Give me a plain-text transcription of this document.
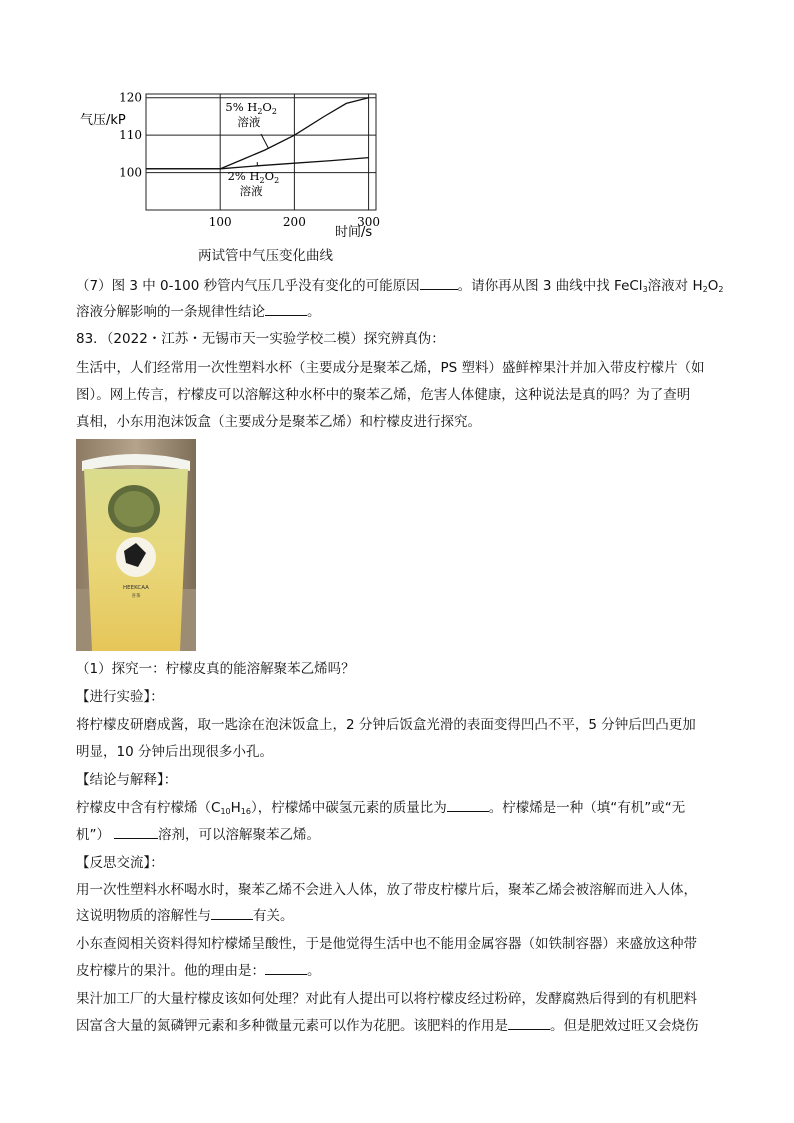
气压/kP
时间/s
100
110
120
100	200	300
5% $H_2O_2$
溶液
2% $H_2O_2$
溶液
两试管中气压变化曲线
（7）图 3 中 0-100 秒管内气压几乎没有变化的可能原因	。请你再从图 3 曲线中找 FeCl$_3$溶液对 $H_2O_2$
溶液分解影响的一条规律性结论	。
83．（2022・江苏・无锡市天一实验学校二模）探究辨真伪：
生活中，人们经常用一次性塑料水杯（主要成分是聚苯乙烯，PS 塑料）盛鲜榨果汁并加入带皮柠檬片（如
图）。网上传言，柠檬皮可以溶解这种水杯中的聚苯乙烯，危害人体健康，这种说法是真的吗？为了查明
真相，小东用泡沫饭盒（主要成分是聚苯乙烯）和柠檬皮进行探究。
HEEKCAA
喜茶
（1）探究一：柠檬皮真的能溶解聚苯乙烯吗？
【进行实验】：
将柠檬皮研磨成酱，取一匙涂在泡沫饭盒上，2 分钟后饭盒光滑的表面变得凹凸不平，5 分钟后凹凸更加
明显，10 分钟后出现很多小孔。
【结论与解释】：
柠檬皮中含有柠檬烯$(C_{10}H_{16})$，柠檬烯中碳氢元素的质量比为	。柠檬烯是一种（填“有机”或“无
机”）	溶剂，可以溶解聚苯乙烯。
【反思交流】：
用一次性塑料水杯喝水时，聚苯乙烯不会进入人体，放了带皮柠檬片后，聚苯乙烯会被溶解而进入人体，
这说明物质的溶解性与	有关。
小东查阅相关资料得知柠檬烯呈酸性，于是他觉得生活中也不能用金属容器（如铁制容器）来盛放这种带
皮柠檬片的果汁。他的理由是：	。
果汁加工厂的大量柠檬皮该如何处理？对此有人提出可以将柠檬皮经过粉碎，发酵腐熟后得到的有机肥料
因富含大量的氮磷钾元素和多种微量元素可以作为花肥。该肥料的作用是	。但是肥效过旺又会烧伤
